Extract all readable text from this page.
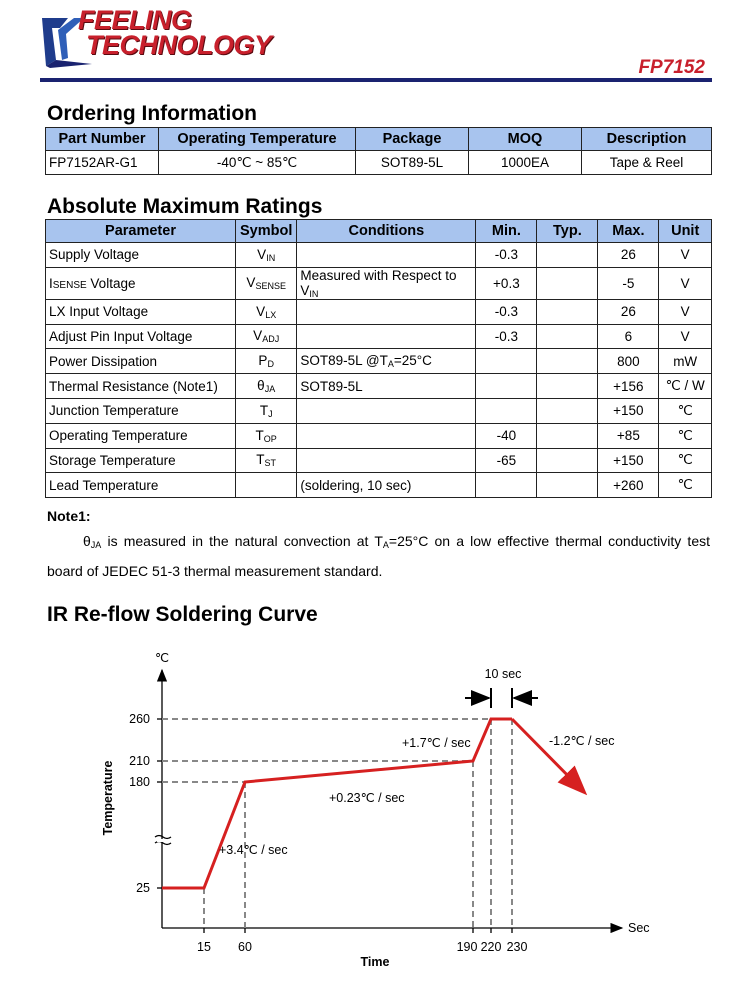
FEELING
TECHNOLOGY
FP7152
Ordering Information
Part Number	Operating Temperature	Package	MOQ	Description
FP7152AR-G1	-40℃ ~ 85℃	SOT89-5L	1000EA	Tape & Reel
Absolute Maximum Ratings
Parameter	Symbol	Conditions	Min.	Typ.	Max.	Unit
Supply Voltage	$V_{IN}$		-0.3		26	V
ISENSE Voltage	$V_{SENSE}$	Measured with Respect to $V_{IN}$	+0.3		-5	V
LX Input Voltage	$V_{LX}$		-0.3		26	V
Adjust Pin Input Voltage	$V_{ADJ}$		-0.3		6	V
Power Dissipation	$P_D$	SOT89-5L $@T_A=25^\circ C$			800	mW
Thermal Resistance (Note1)	$\theta_{JA}$	SOT89-5L			+156	℃ / W
Junction Temperature	$T_J$				+150	℃
Operating Temperature	$T_{OP}$		-40		+85	℃
Storage Temperature	$T_{ST}$		-65		+150	℃
Lead Temperature		(soldering, 10 sec)			+260	℃
Note1:
$\theta_{JA}$ is measured in the natural convection at $T_A=25^\circ C$ on a low effective thermal conductivity test board of JEDEC 51-3 thermal measurement standard.
IR Re-flow Soldering Curve
25
180
210
260
15 60	190 220 230
10 sec
+3.4℃ / sec
+0.23℃ / sec
+1.7℃ / sec	-1.2℃ / sec
℃
Sec
Time
Temperature
